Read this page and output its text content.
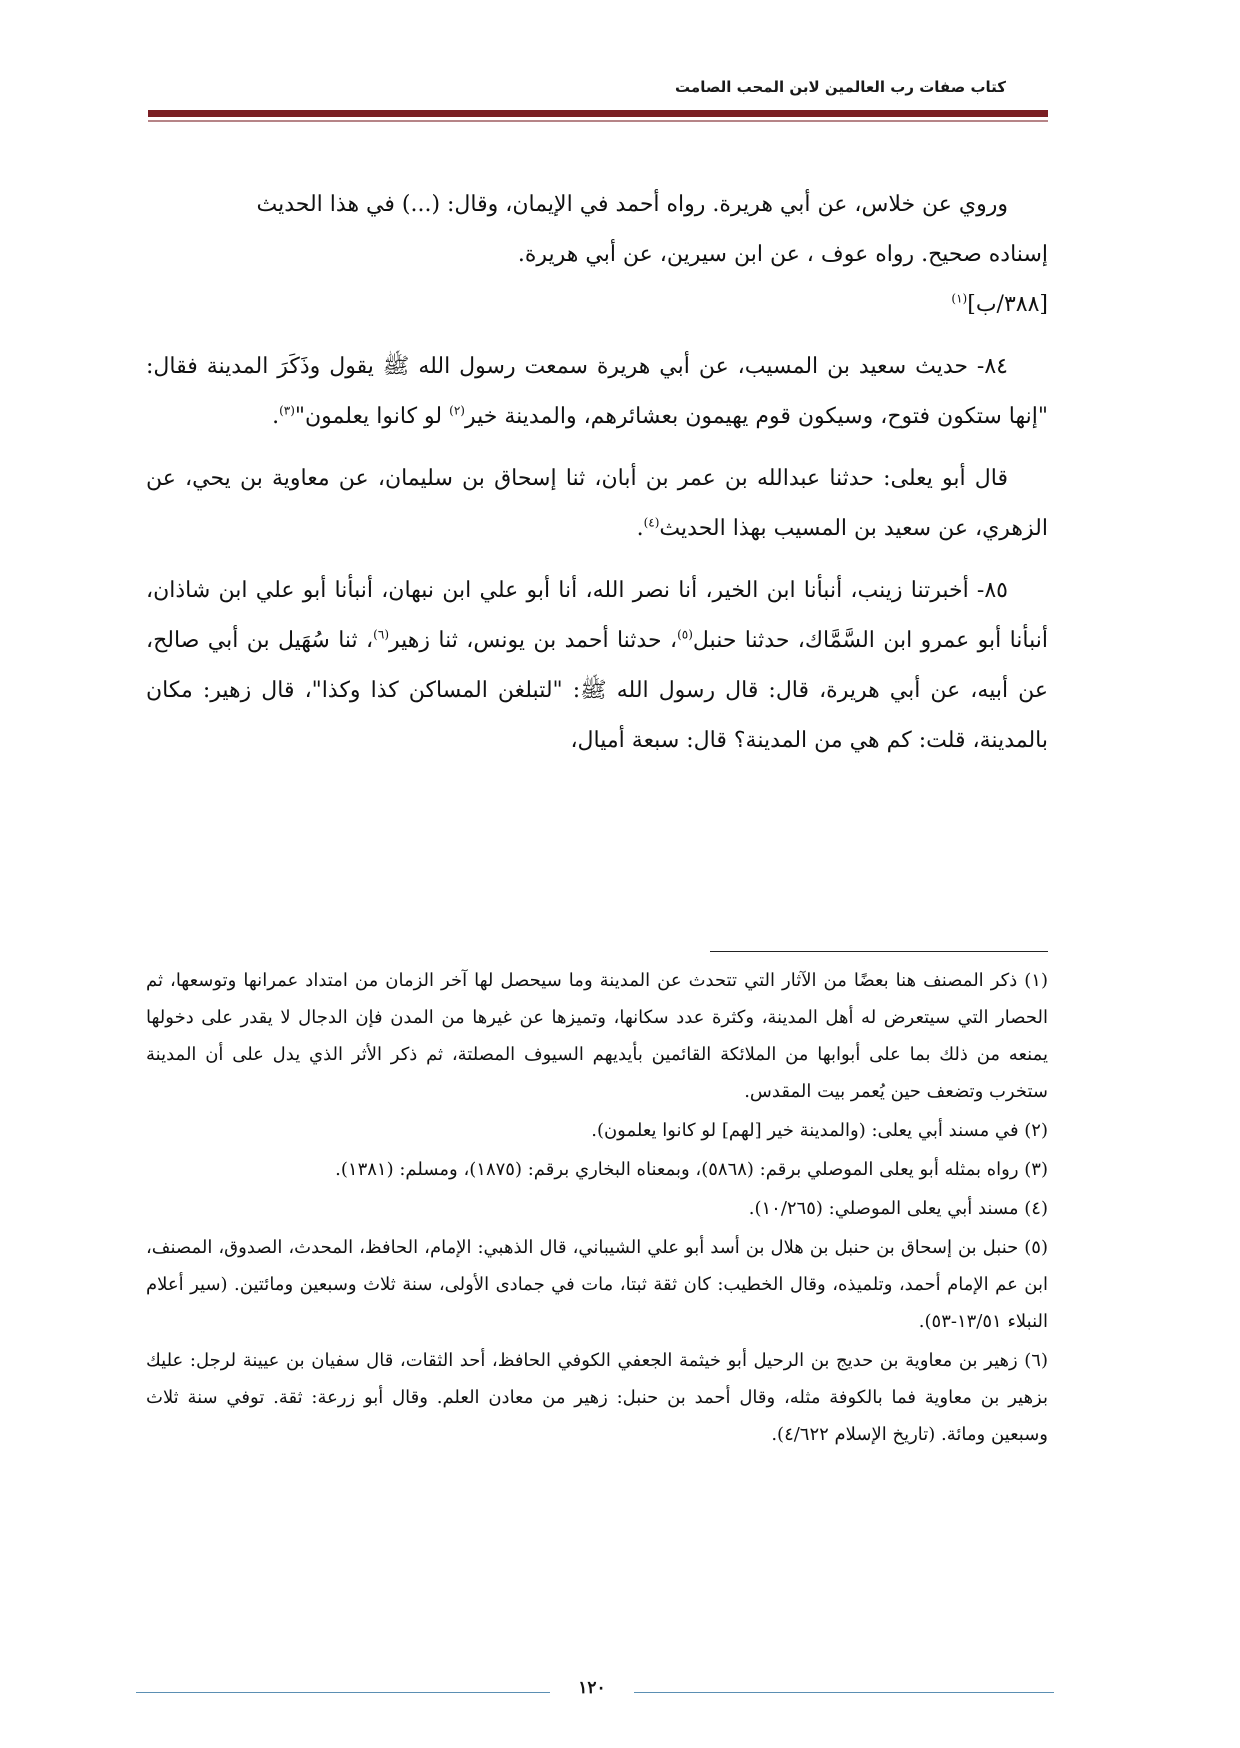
كتاب صفات رب العالمين لابن المحب الصامت

وروي عن خلاس، عن أبي هريرة. رواه أحمد في الإيمان، وقال: (...) في هذا الحديث
إسناده صحيح. رواه عوف ، عن ابن سيرين، عن أبي هريرة.
[٣٨٨/ب]$^{(١)}$

٨٤- حديث سعيد بن المسيب، عن أبي هريرة سمعت رسول الله ﷺ يقول وذَكَرَ المدينة فقال: "إنها ستكون فتوح، وسيكون قوم يهيمون بعشائرهم، والمدينة خير$^{(٢)}$ لو كانوا يعلمون"$^{(٣)}$.

قال أبو يعلى: حدثنا عبدالله بن عمر بن أبان، ثنا إسحاق بن سليمان، عن معاوية بن يحي، عن الزهري، عن سعيد بن المسيب بهذا الحديث$^{(٤)}$.

٨٥- أخبرتنا زينب، أنبأنا ابن الخير، أنا نصر الله، أنا أبو علي ابن نبهان، أنبأنا أبو علي ابن شاذان، أنبأنا أبو عمرو ابن السَّمَّاك، حدثنا حنبل$^{(٥)}$، حدثنا أحمد بن يونس، ثنا زهير$^{(٦)}$، ثنا سُهَيل بن أبي صالح، عن أبيه، عن أبي هريرة، قال: قال رسول الله ﷺ: "لتبلغن المساكن كذا وكذا"، قال زهير: مكان بالمدينة، قلت: كم هي من المدينة؟ قال: سبعة أميال،

(١) ذكر المصنف هنا بعضًا من الآثار التي تتحدث عن المدينة وما سيحصل لها آخر الزمان من امتداد عمرانها وتوسعها، ثم الحصار التي سيتعرض له أهل المدينة، وكثرة عدد سكانها، وتميزها عن غيرها من المدن فإن الدجال لا يقدر على دخولها يمنعه من ذلك بما على أبوابها من الملائكة القائمين بأيديهم السيوف المصلتة، ثم ذكر الأثر الذي يدل على أن المدينة ستخرب وتضعف حين يُعمر بيت المقدس.
(٢) في مسند أبي يعلى: (والمدينة خير [لهم] لو كانوا يعلمون).
(٣) رواه بمثله أبو يعلى الموصلي برقم: (٥٨٦٨)، وبمعناه البخاري برقم: (١٨٧٥)، ومسلم: (١٣٨١).
(٤) مسند أبي يعلى الموصلي: (١٠/٢٦٥).
(٥) حنبل بن إسحاق بن حنبل بن هلال بن أسد أبو علي الشيباني، قال الذهبي: الإمام، الحافظ، المحدث، الصدوق، المصنف، ابن عم الإمام أحمد، وتلميذه، وقال الخطيب: كان ثقة ثبتا، مات في جمادى الأولى، سنة ثلاث وسبعين ومائتين. (سير أعلام النبلاء ١٣/٥١-٥٣).
(٦) زهير بن معاوية بن حديج بن الرحيل أبو خيثمة الجعفي الكوفي الحافظ، أحد الثقات، قال سفيان بن عيينة لرجل: عليك بزهير بن معاوية فما بالكوفة مثله، وقال أحمد بن حنبل: زهير من معادن العلم. وقال أبو زرعة: ثقة. توفي سنة ثلاث وسبعين ومائة. (تاريخ الإسلام ٤/٦٢٢).
١٢٠
